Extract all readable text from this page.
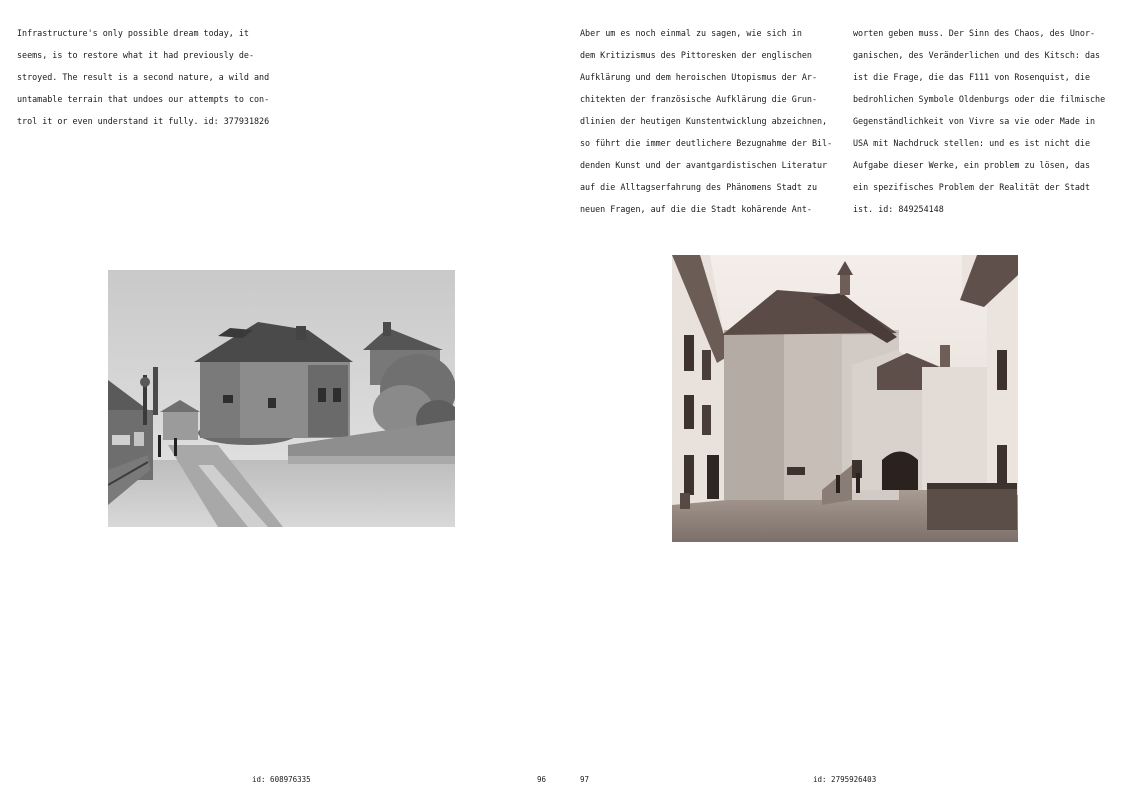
Infrastructure's only possible dream today, it

seems, is to restore what it had previously de-

stroyed. The result is a second nature, a wild and

untamable terrain that undoes our attempts to con-

trol it or even understand it fully. id: 377931826

Aber um es noch einmal zu sagen, wie sich in

dem Kritizismus des Pittoresken der englischen

Aufklärung und dem heroischen Utopismus der Ar-

chitekten der französische Aufklärung die Grun-

dlinien der heutigen Kunstentwicklung abzeichnen,

so führt die immer deutlichere Bezugnahme der Bil-

denden Kunst und der avantgardistischen Literatur

auf die Alltagserfahrung des Phänomens Stadt zu

neuen Fragen, auf die die Stadt kohärende Ant-

worten geben muss. Der Sinn des Chaos, des Unor-

ganischen, des Veränderlichen und des Kitsch: das

ist die Frage, die das F111 von Rosenquist, die

bedrohlichen Symbole Oldenburgs oder die filmische

Gegenständlichkeit von Vivre sa vie oder Made in

USA mit Nachdruck stellen: und es ist nicht die

Aufgabe dieser Werke, ein problem zu lösen, das

ein spezifisches Problem der Realität der Stadt

ist. id: 849254148

id: 608976335	96	97	id: 2795926403
